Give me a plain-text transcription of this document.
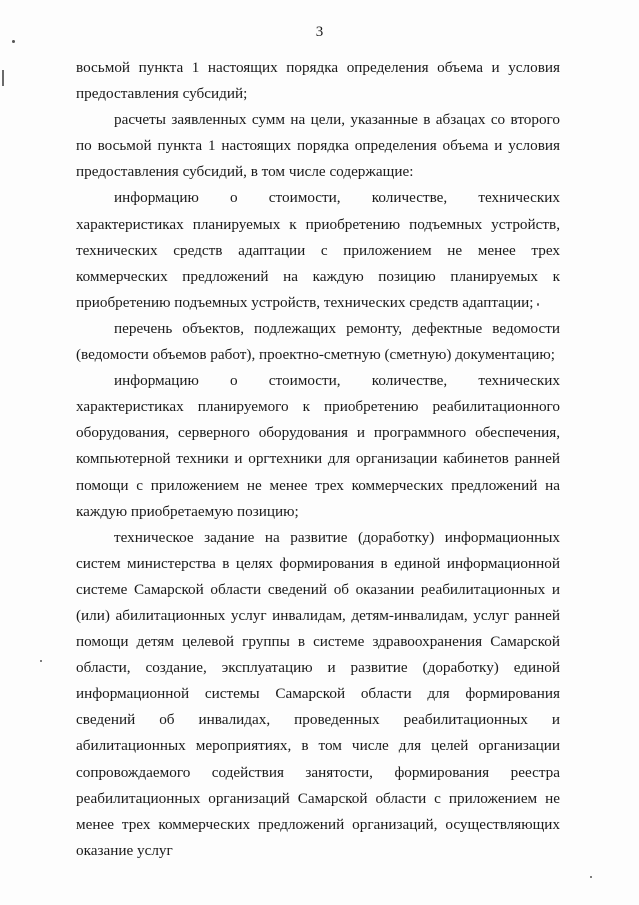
3

восьмой пункта 1 настоящих порядка определения объема и условия предоставления субсидий;

расчеты заявленных сумм на цели, указанные в абзацах со второго по восьмой пункта 1 настоящих порядка определения объема и условия предоставления субсидий, в том числе содержащие:

информацию о стоимости, количестве, технических характеристиках планируемых к приобретению подъемных устройств, технических средств адаптации с приложением не менее трех коммерческих предложений на каждую позицию планируемых к приобретению подъемных устройств, технических средств адаптации;

перечень объектов, подлежащих ремонту, дефектные ведомости (ведомости объемов работ), проектно-сметную (сметную) документацию;

информацию о стоимости, количестве, технических характеристиках планируемого к приобретению реабилитационного оборудования, серверного оборудования и программного обеспечения, компьютерной техники и оргтехники для организации кабинетов ранней помощи с приложением не менее трех коммерческих предложений на каждую приобретаемую позицию;

техническое задание на развитие (доработку) информационных систем министерства в целях формирования в единой информационной системе Самарской области сведений об оказании реабилитационных и (или) абилитационных услуг инвалидам, детям-инвалидам, услуг ранней помощи детям целевой группы в системе здравоохранения Самарской области, создание, эксплуатацию и развитие (доработку) единой информационной системы Самарской области для формирования сведений об инвалидах, проведенных реабилитационных и абилитационных мероприятиях, в том числе для целей организации сопровождаемого содействия занятости, формирования реестра реабилитационных организаций Самарской области с приложением не менее трех коммерческих предложений организаций, осуществляющих оказание услуг
